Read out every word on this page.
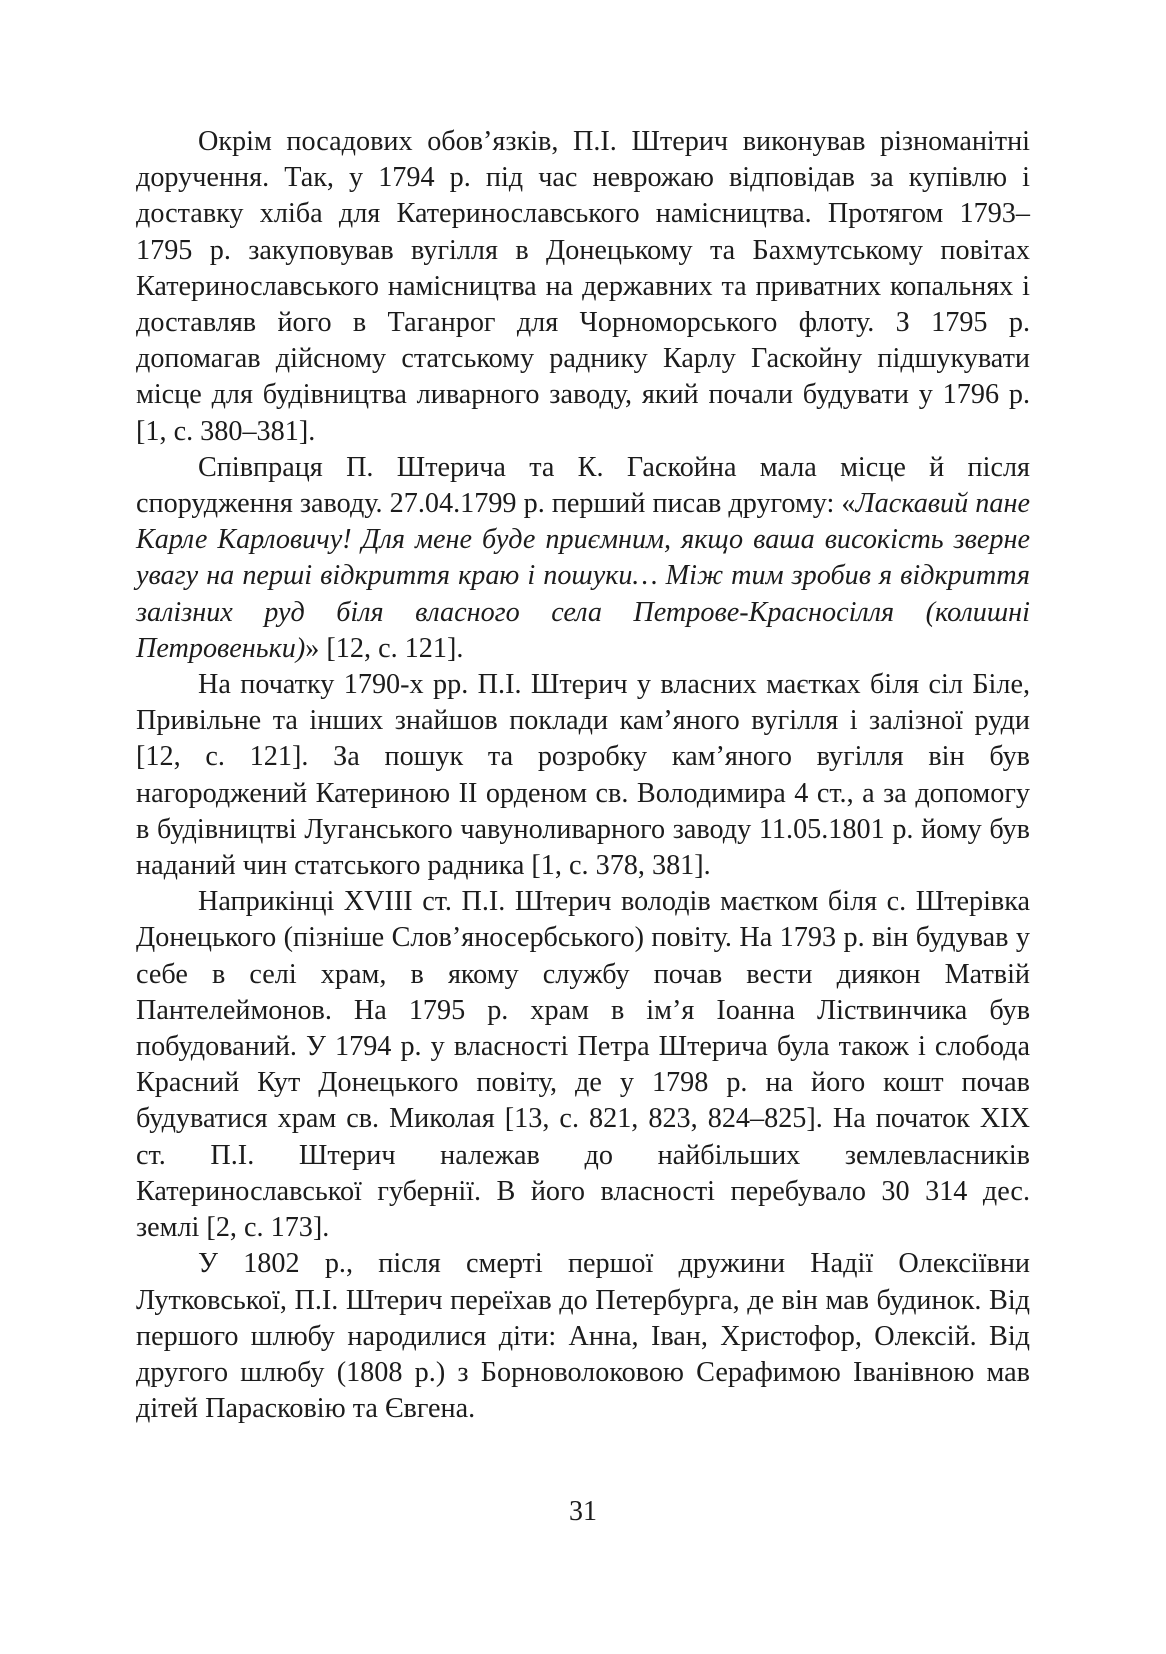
Окрім посадових обов’язків, П.І. Штерич виконував різноманітні доручення. Так, у 1794 р. під час неврожаю відповідав за купівлю і доставку хліба для Катеринославського намісництва. Протягом 1793–1795 р. закуповував вугілля в Донецькому та Бахмутському повітах Катеринославського намісництва на державних та приватних копальнях і доставляв його в Таганрог для Чорноморського флоту. З 1795 р. допомагав дійсному статському раднику Карлу Гаскойну підшукувати місце для будівництва ливарного заводу, який почали будувати у 1796 р. [1, с. 380–381].

Співпраця П. Штерича та К. Гаскойна мала місце й після спорудження заводу. 27.04.1799 р. перший писав другому: «Ласкавий пане Карле Карловичу! Для мене буде приємним, якщо ваша високість зверне увагу на перші відкриття краю і пошуки… Між тим зробив я відкриття залізних руд біля власного села Петрове-Красносілля (колишні Петровеньки)» [12, с. 121].

На початку 1790-х рр. П.І. Штерич у власних маєтках біля сіл Біле, Привільне та інших знайшов поклади кам’яного вугілля і залізної руди [12, с. 121]. За пошук та розробку кам’яного вугілля він був нагороджений Катериною II орденом св. Володимира 4 ст., а за допомогу в будівництві Луганського чавуноливарного заводу 11.05.1801 р. йому був наданий чин статського радника [1, с. 378, 381].

Наприкінці XVIII ст. П.І. Штерич володів маєтком біля с. Штерівка Донецького (пізніше Слов’яносербського) повіту. На 1793 р. він будував у себе в селі храм, в якому службу почав вести диякон Матвій Пантелеймонов. На 1795 р. храм в ім’я Іоанна Ліствинчика був побудований. У 1794 р. у власності Петра Штерича була також і слобода Красний Кут Донецького повіту, де у 1798 р. на його кошт почав будуватися храм св. Миколая [13, с. 821, 823, 824–825]. На початок XIX ст. П.І. Штерич належав до найбільших землевласників Катеринославської губернії. В його власності перебувало 30 314 дес. землі [2, с. 173].

У 1802 р., після смерті першої дружини Надії Олексіївни Лутковської, П.І. Штерич переїхав до Петербурга, де він мав будинок. Від першого шлюбу народилися діти: Анна, Іван, Христофор, Олексій. Від другого шлюбу (1808 р.) з Борноволоковою Серафимою Іванівною мав дітей Парасковію та Євгена.

31
